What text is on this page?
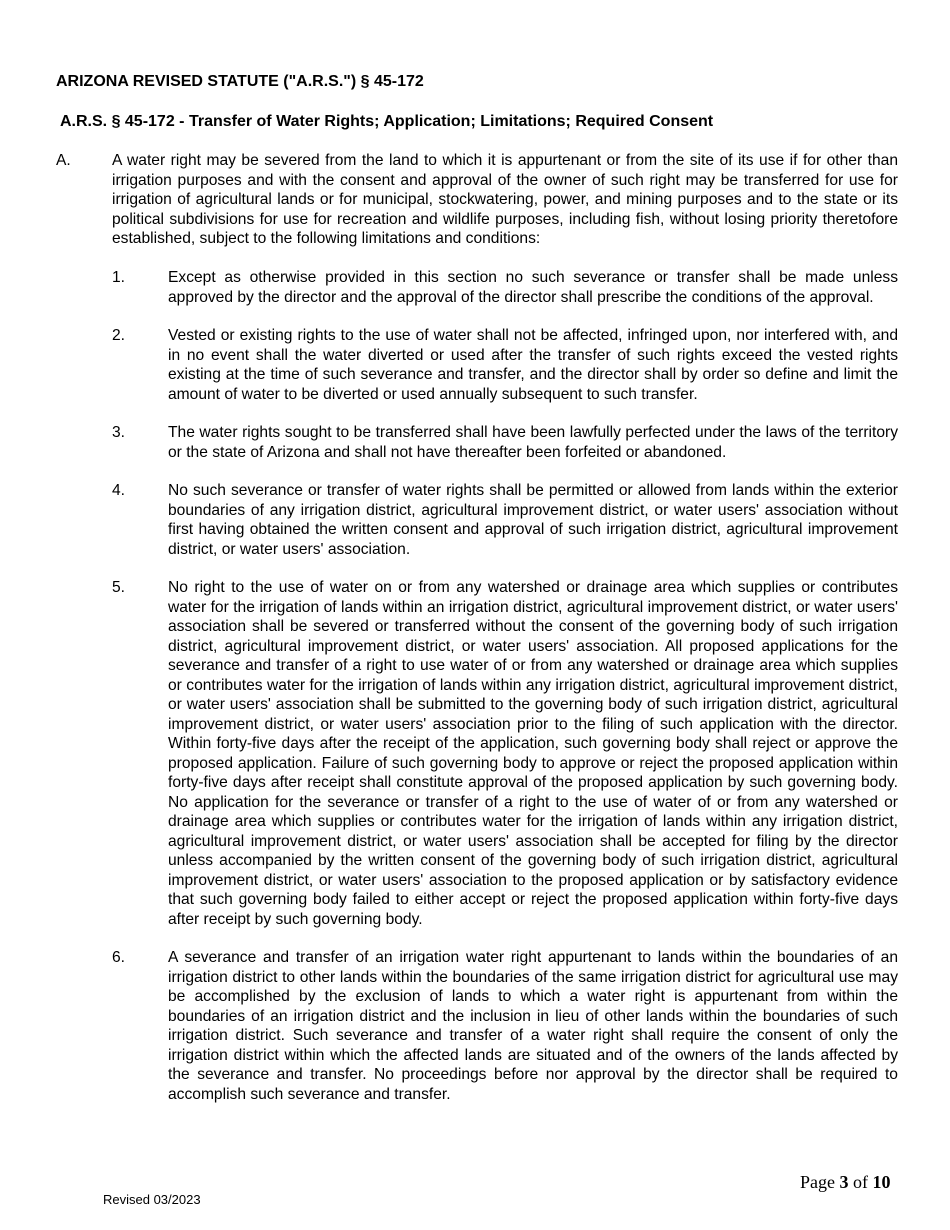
ARIZONA REVISED STATUTE ("A.R.S.") § 45-172
A.R.S. § 45-172 - Transfer of Water Rights; Application; Limitations; Required Consent
A.	A water right may be severed from the land to which it is appurtenant or from the site of its use if for other than irrigation purposes and with the consent and approval of the owner of such right may be transferred for use for irrigation of agricultural lands or for municipal, stockwatering, power, and mining purposes and to the state or its political subdivisions for use for recreation and wildlife purposes, including fish, without losing priority theretofore established, subject to the following limitations and conditions:
1.	Except as otherwise provided in this section no such severance or transfer shall be made unless approved by the director and the approval of the director shall prescribe the conditions of the approval.
2.	Vested or existing rights to the use of water shall not be affected, infringed upon, nor interfered with, and in no event shall the water diverted or used after the transfer of such rights exceed the vested rights existing at the time of such severance and transfer, and the director shall by order so define and limit the amount of water to be diverted or used annually subsequent to such transfer.
3.	The water rights sought to be transferred shall have been lawfully perfected under the laws of the territory or the state of Arizona and shall not have thereafter been forfeited or abandoned.
4.	No such severance or transfer of water rights shall be permitted or allowed from lands within the exterior boundaries of any irrigation district, agricultural improvement district, or water users' association without first having obtained the written consent and approval of such irrigation district, agricultural improvement district, or water users' association.
5.	No right to the use of water on or from any watershed or drainage area which supplies or contributes water for the irrigation of lands within an irrigation district, agricultural improvement district, or water users' association shall be severed or transferred without the consent of the governing body of such irrigation district, agricultural improvement district, or water users' association. All proposed applications for the severance and transfer of a right to use water of or from any watershed or drainage area which supplies or contributes water for the irrigation of lands within any irrigation district, agricultural improvement district, or water users' association shall be submitted to the governing body of such irrigation district, agricultural improvement district, or water users' association prior to the filing of such application with the director. Within forty-five days after the receipt of the application, such governing body shall reject or approve the proposed application. Failure of such governing body to approve or reject the proposed application within forty-five days after receipt shall constitute approval of the proposed application by such governing body. No application for the severance or transfer of a right to the use of water of or from any watershed or drainage area which supplies or contributes water for the irrigation of lands within any irrigation district, agricultural improvement district, or water users' association shall be accepted for filing by the director unless accompanied by the written consent of the governing body of such irrigation district, agricultural improvement district, or water users' association to the proposed application or by satisfactory evidence that such governing body failed to either accept or reject the proposed application within forty-five days after receipt by such governing body.
6.	A severance and transfer of an irrigation water right appurtenant to lands within the boundaries of an irrigation district to other lands within the boundaries of the same irrigation district for agricultural use may be accomplished by the exclusion of lands to which a water right is appurtenant from within the boundaries of an irrigation district and the inclusion in lieu of other lands within the boundaries of such irrigation district. Such severance and transfer of a water right shall require the consent of only the irrigation district within which the affected lands are situated and of the owners of the lands affected by the severance and transfer. No proceedings before nor approval by the director shall be required to accomplish such severance and transfer.
Revised 03/2023
Page 3 of 10
